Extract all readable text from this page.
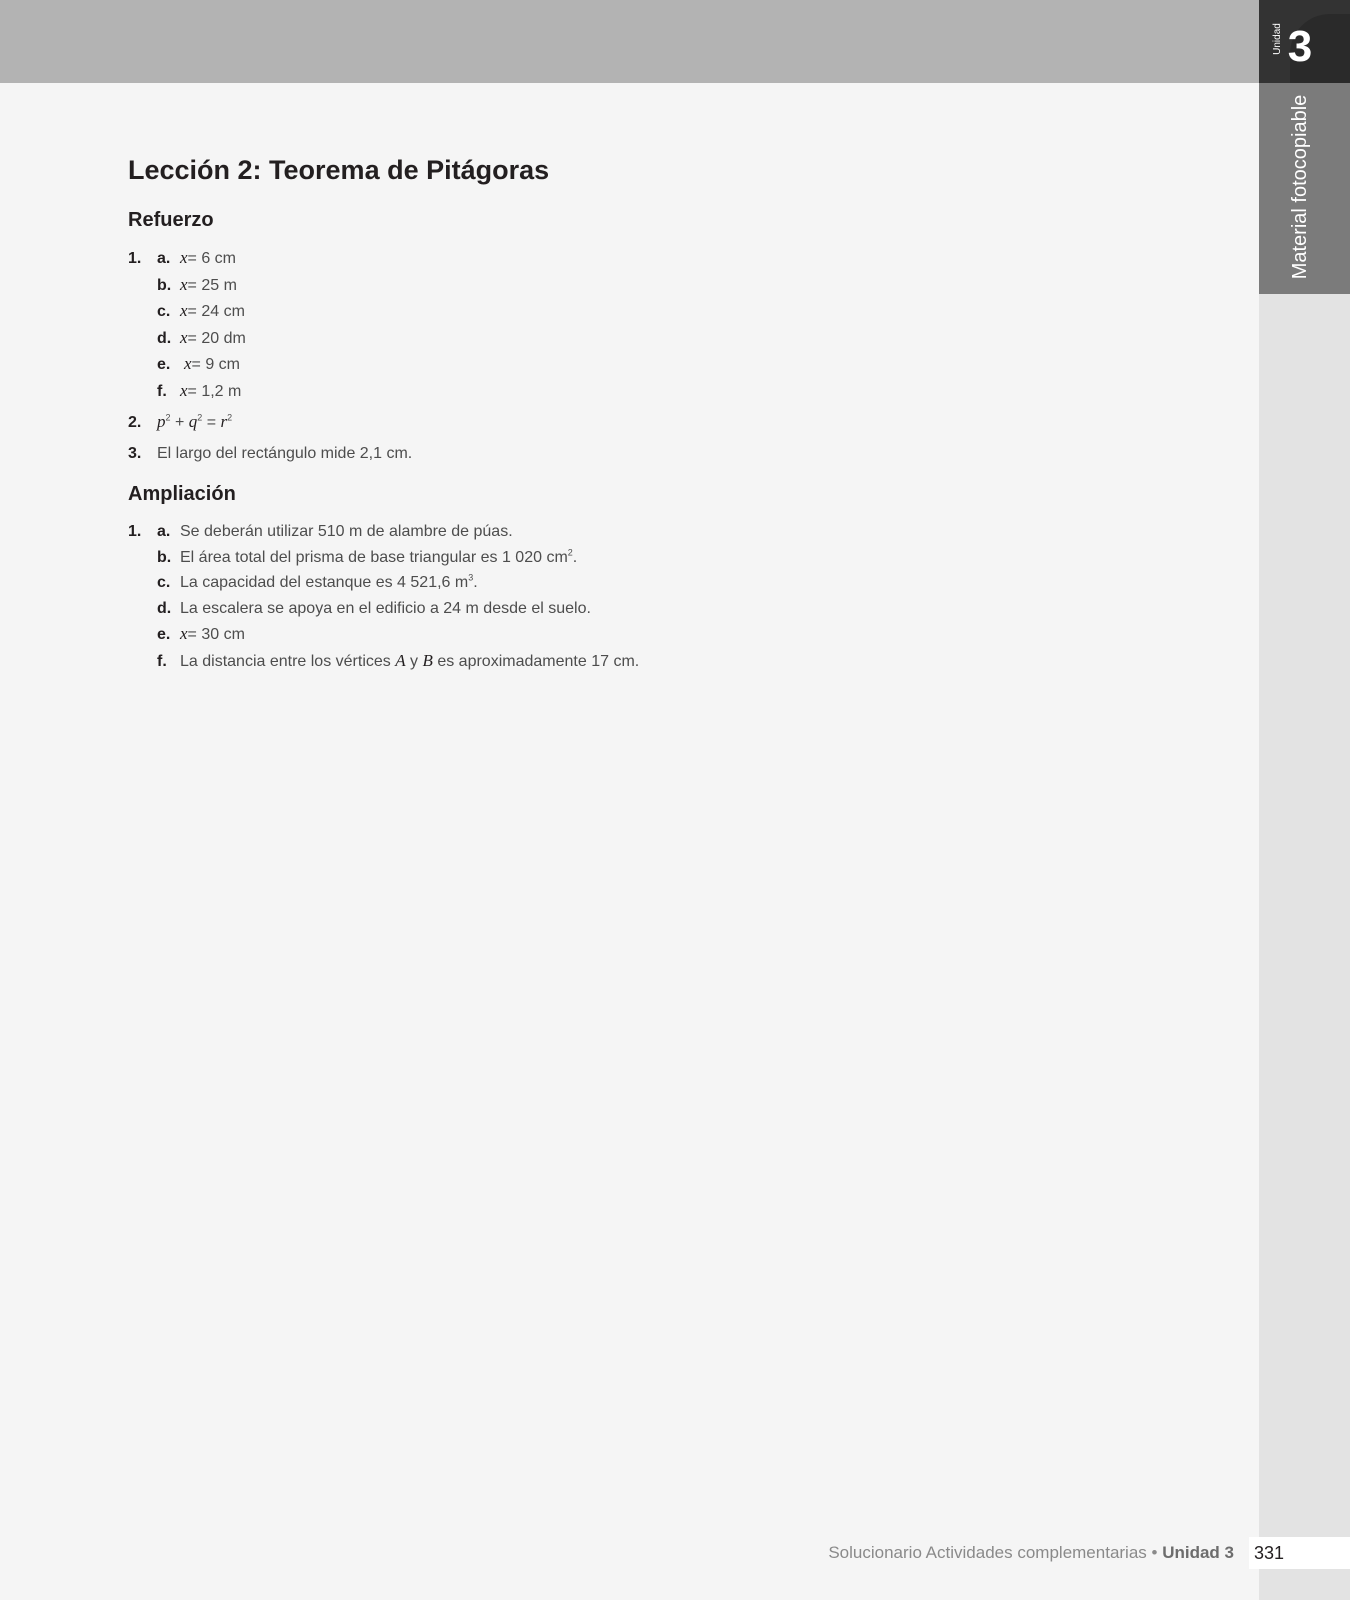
Unidad 3
Material fotocopiable
Lección 2: Teorema de Pitágoras
Refuerzo
1. a. x = 6 cm
b. x = 25 m
c. x = 24 cm
d. x = 20 dm
e. x = 9 cm
f. x = 1,2 m
2. $p^2 + q^2 = r^2$
3. El largo del rectángulo mide 2,1 cm.
Ampliación
1. a. Se deberán utilizar 510 m de alambre de púas.
b. El área total del prisma de base triangular es 1 020 $cm^2$.
c. La capacidad del estanque es 4 521,6 $m^3$.
d. La escalera se apoya en el edificio a 24 m desde el suelo.
e. x = 30 cm
f. La distancia entre los vértices A y B es aproximadamente 17 cm.
Solucionario Actividades complementarias • Unidad 3 331
